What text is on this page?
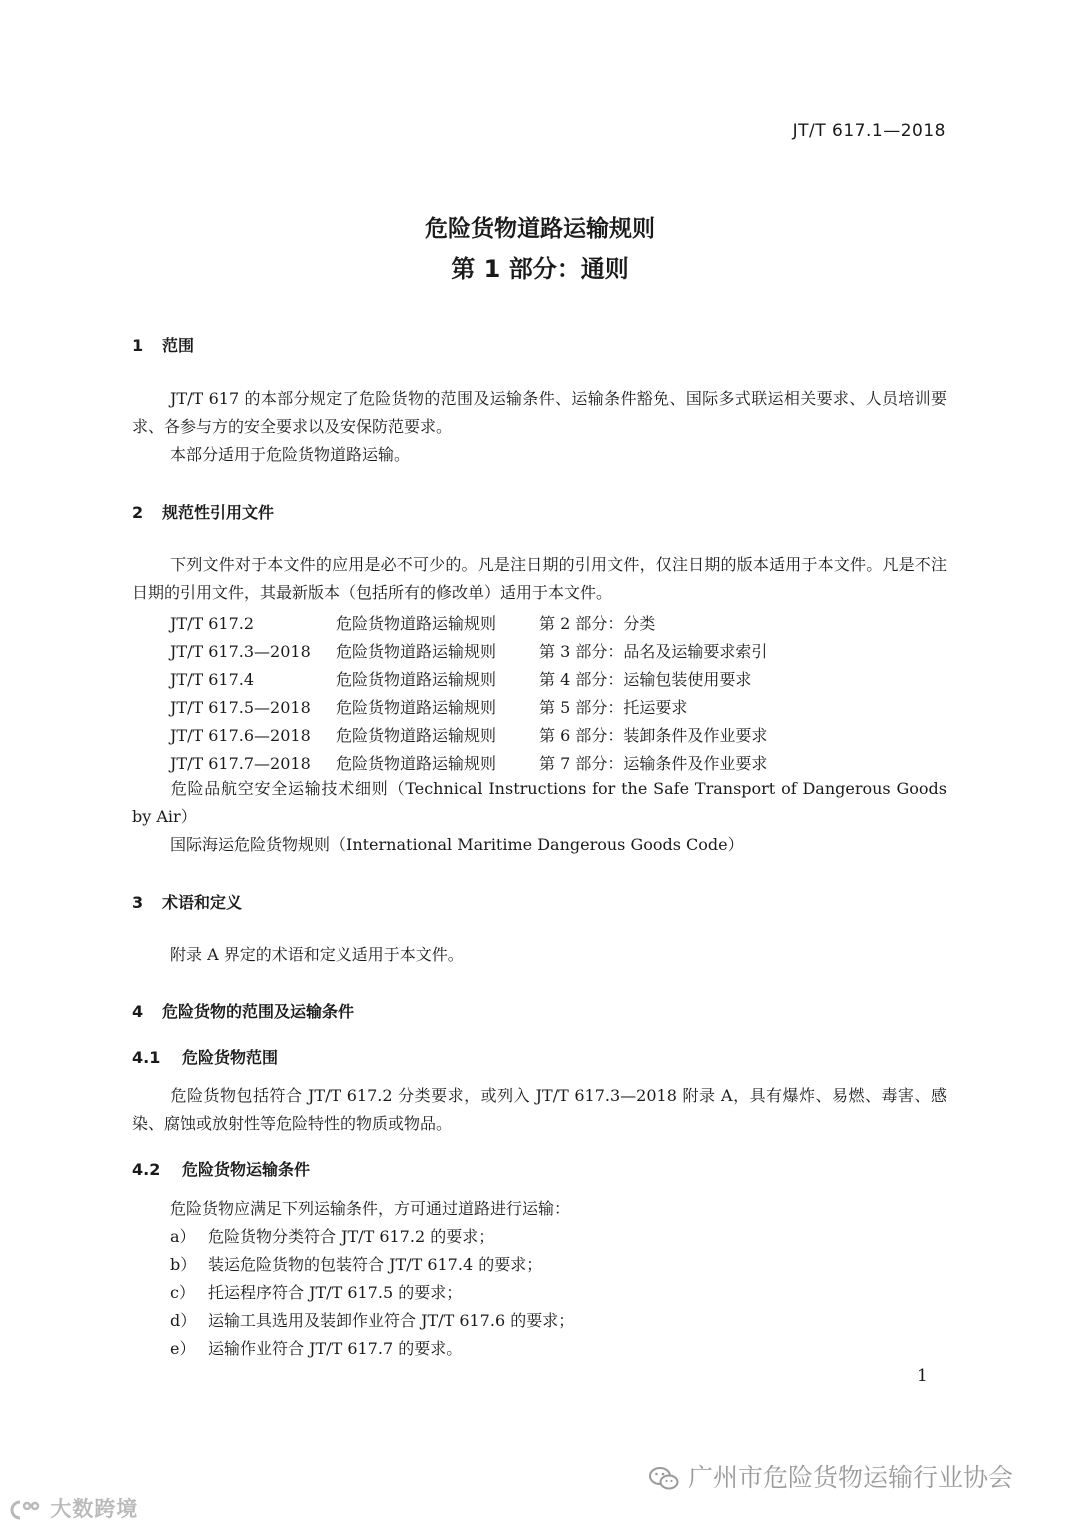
JT/T 617.1—2018
危险货物道路运输规则
第 1 部分：通则
1 范围
JT/T 617 的本部分规定了危险货物的范围及运输条件、运输条件豁免、国际多式联运相关要求、人员培训要求、各参与方的安全要求以及安保防范要求。
本部分适用于危险货物道路运输。
2 规范性引用文件
下列文件对于本文件的应用是必不可少的。凡是注日期的引用文件，仅注日期的版本适用于本文件。凡是不注日期的引用文件，其最新版本（包括所有的修改单）适用于本文件。
JT/T 617.2	危险货物道路运输规则	第 2 部分：分类
JT/T 617.3—2018 危险货物道路运输规则	第 3 部分：品名及运输要求索引
JT/T 617.4	危险货物道路运输规则	第 4 部分：运输包装使用要求
JT/T 617.5—2018 危险货物道路运输规则	第 5 部分：托运要求
JT/T 617.6—2018 危险货物道路运输规则	第 6 部分：装卸条件及作业要求
JT/T 617.7—2018 危险货物道路运输规则	第 7 部分：运输条件及作业要求
危险品航空安全运输技术细则（Technical Instructions for the Safe Transport of Dangerous Goods by Air）
国际海运危险货物规则（International Maritime Dangerous Goods Code）
3 术语和定义
附录 A 界定的术语和定义适用于本文件。
4 危险货物的范围及运输条件
4.1 危险货物范围
危险货物包括符合 JT/T 617.2 分类要求，或列入 JT/T 617.3—2018 附录 A，具有爆炸、易燃、毒害、感染、腐蚀或放射性等危险特性的物质或物品。
4.2 危险货物运输条件
危险货物应满足下列运输条件，方可通过道路进行运输：
a） 危险货物分类符合 JT/T 617.2 的要求；
b） 装运危险货物的包装符合 JT/T 617.4 的要求；
c） 托运程序符合 JT/T 617.5 的要求；
d） 运输工具选用及装卸作业符合 JT/T 617.6 的要求；
e） 运输作业符合 JT/T 617.7 的要求。
1
广州市危险货物运输行业协会
大数跨境
